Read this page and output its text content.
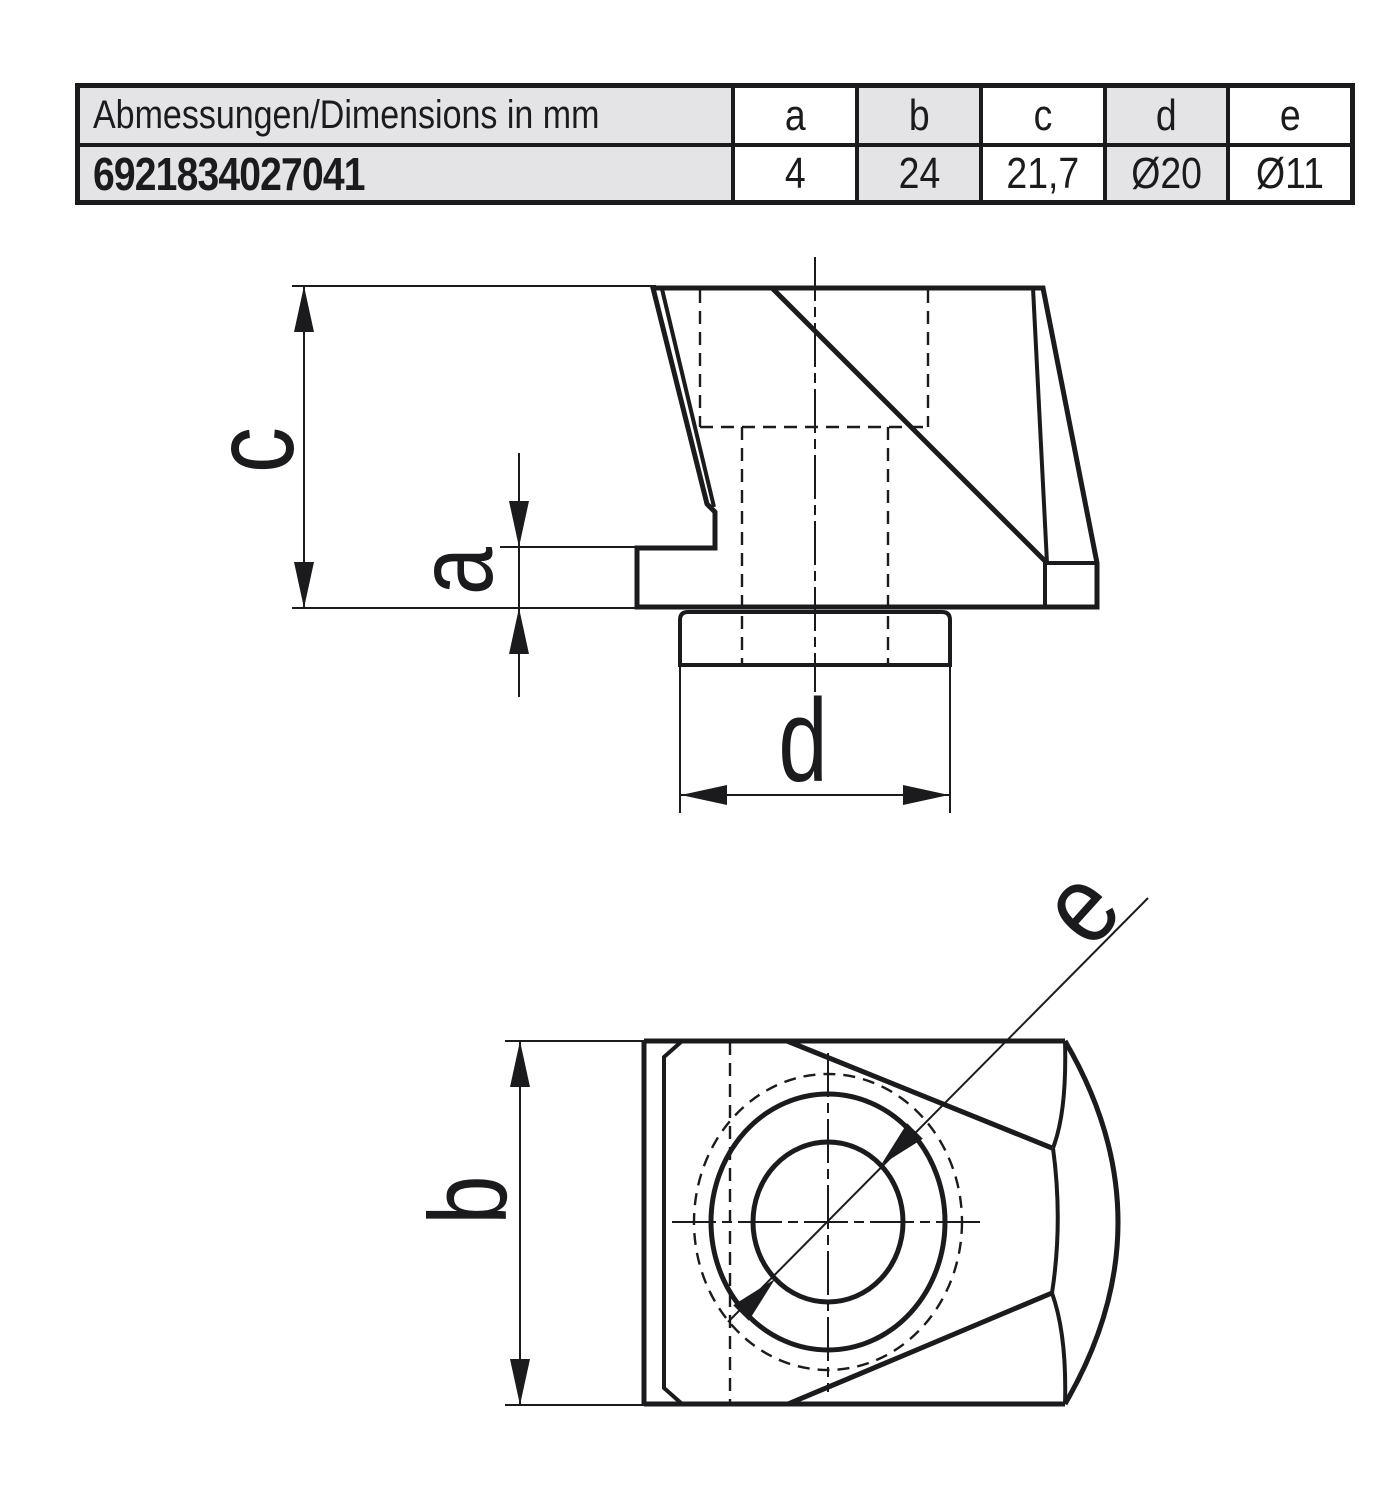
Abmessungen/Dimensions in mm	a b c d e
6921834027041	4 24 21,7 Ø20 Ø11
c
a
d
b
e
